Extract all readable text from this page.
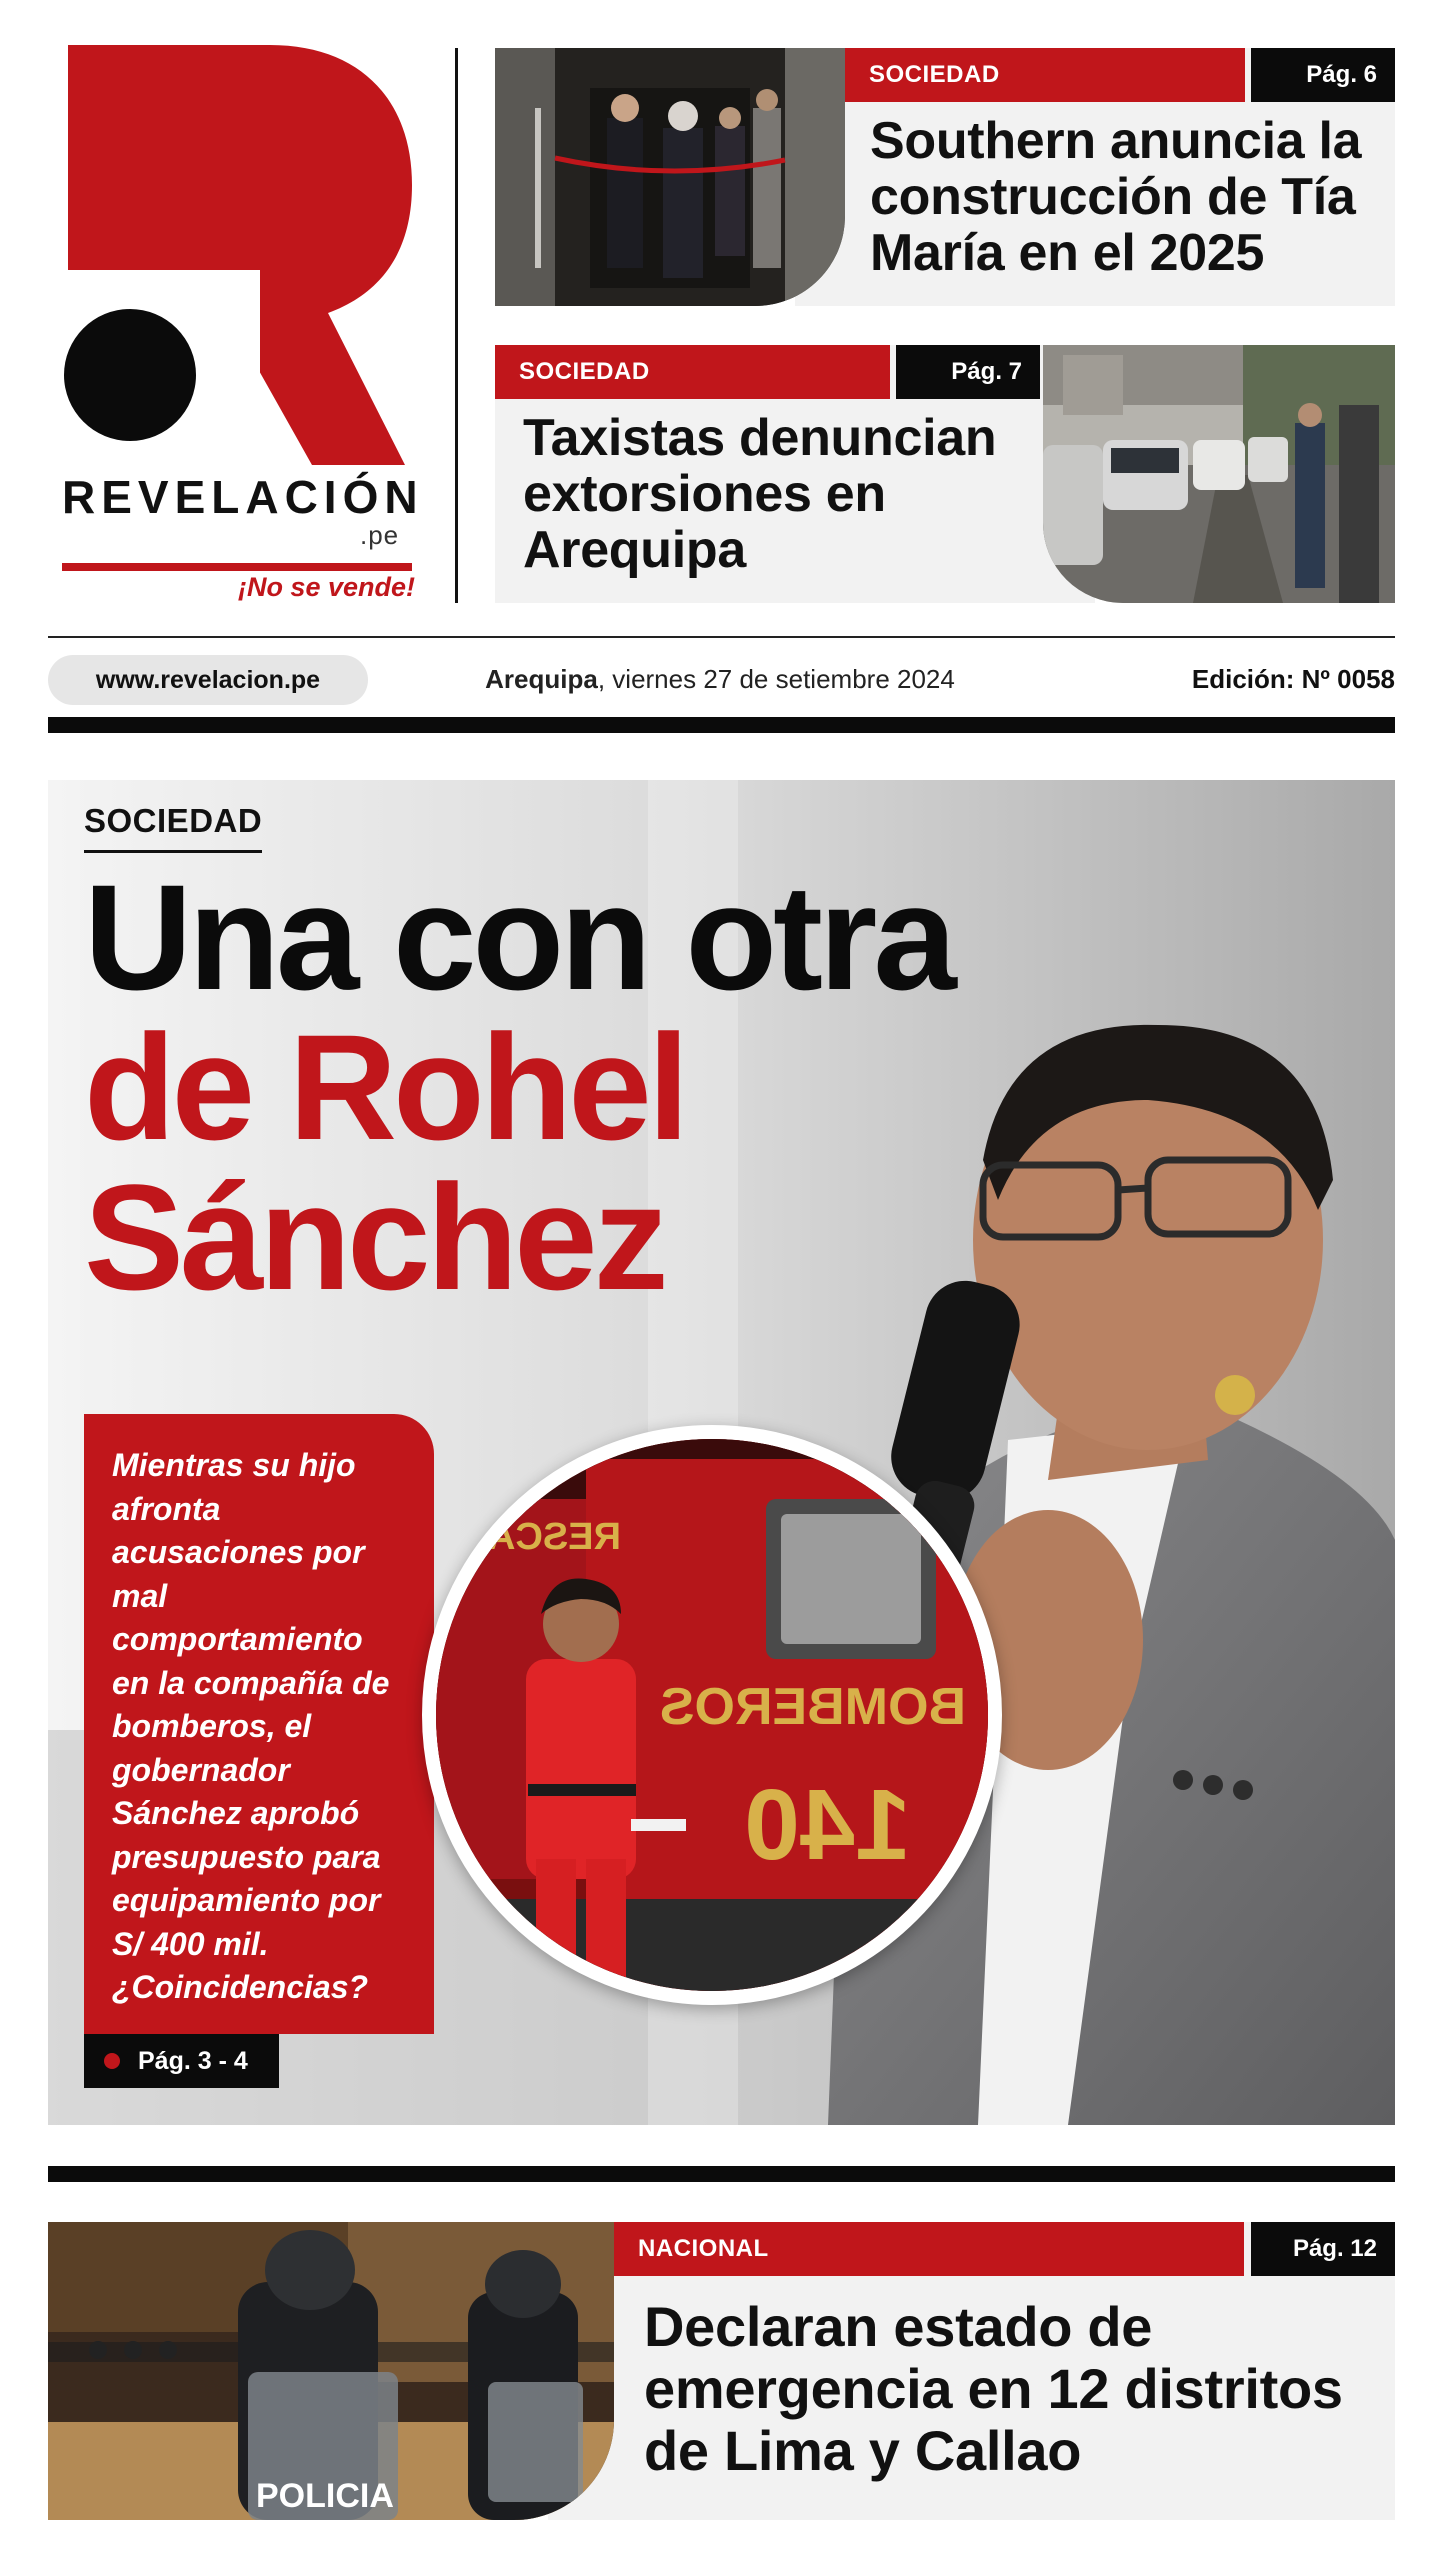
REVELACIÓN
.pe
¡No se vende!
SOCIEDAD	Pág. 6
Southern anuncia la construcción de Tía María en el 2025
SOCIEDAD	Pág. 7
Taxistas denuncian extorsiones en Arequipa
www.revelacion.pe	Arequipa, viernes 27 de setiembre 2024	Edición: Nº 0058
SOCIEDAD
Una con otra
de Rohel
Sánchez

Mientras su hijo afronta acusaciones por mal comportamiento en la compañía de bomberos, el gobernador Sánchez aprobó presupuesto para equipamiento por S/ 400 mil. ¿Coincidencias?

Pág. 3 - 4
RESCATE
BOMBEROS
140
POLICIA
NACIONAL	Pág. 12
Declaran estado de emergencia en 12 distritos de Lima y Callao
